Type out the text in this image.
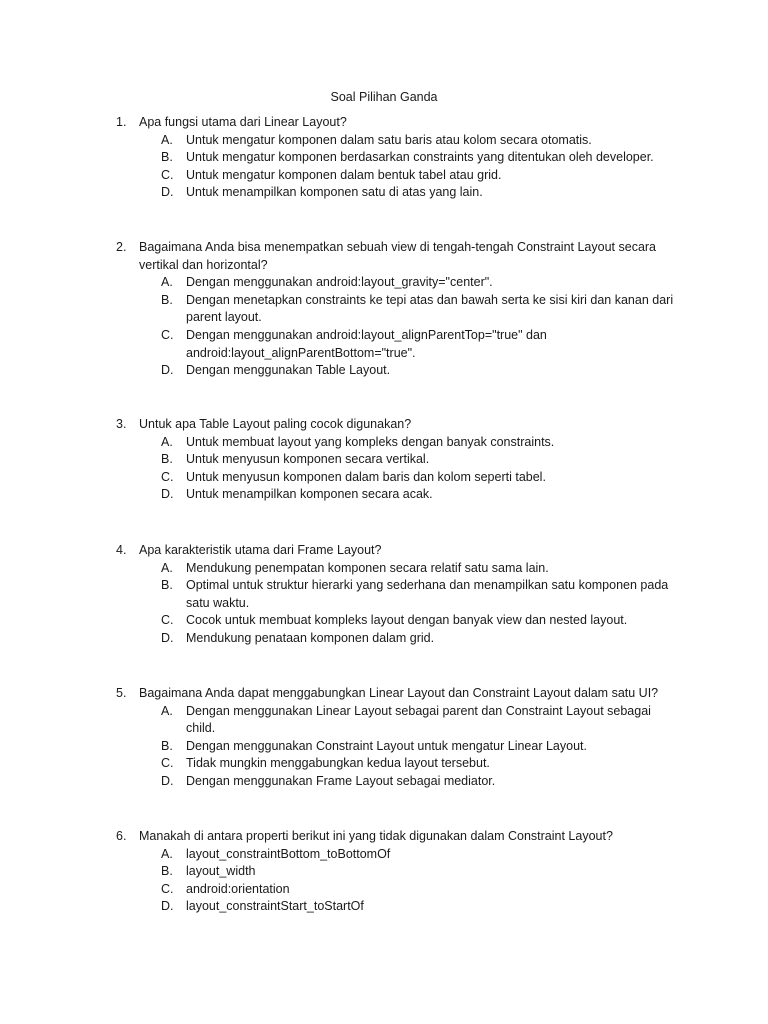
Soal Pilihan Ganda
1. Apa fungsi utama dari Linear Layout?
A. Untuk mengatur komponen dalam satu baris atau kolom secara otomatis.
B. Untuk mengatur komponen berdasarkan constraints yang ditentukan oleh developer.
C. Untuk mengatur komponen dalam bentuk tabel atau grid.
D. Untuk menampilkan komponen satu di atas yang lain.
2. Bagaimana Anda bisa menempatkan sebuah view di tengah-tengah Constraint Layout secara vertikal dan horizontal?
A. Dengan menggunakan android:layout_gravity="center".
B. Dengan menetapkan constraints ke tepi atas dan bawah serta ke sisi kiri dan kanan dari parent layout.
C. Dengan menggunakan android:layout_alignParentTop="true" dan android:layout_alignParentBottom="true".
D. Dengan menggunakan Table Layout.
3. Untuk apa Table Layout paling cocok digunakan?
A. Untuk membuat layout yang kompleks dengan banyak constraints.
B. Untuk menyusun komponen secara vertikal.
C. Untuk menyusun komponen dalam baris dan kolom seperti tabel.
D. Untuk menampilkan komponen secara acak.
4. Apa karakteristik utama dari Frame Layout?
A. Mendukung penempatan komponen secara relatif satu sama lain.
B. Optimal untuk struktur hierarki yang sederhana dan menampilkan satu komponen pada satu waktu.
C. Cocok untuk membuat kompleks layout dengan banyak view dan nested layout.
D. Mendukung penataan komponen dalam grid.
5. Bagaimana Anda dapat menggabungkan Linear Layout dan Constraint Layout dalam satu UI?
A. Dengan menggunakan Linear Layout sebagai parent dan Constraint Layout sebagai child.
B. Dengan menggunakan Constraint Layout untuk mengatur Linear Layout.
C. Tidak mungkin menggabungkan kedua layout tersebut.
D. Dengan menggunakan Frame Layout sebagai mediator.
6. Manakah di antara properti berikut ini yang tidak digunakan dalam Constraint Layout?
A. layout_constraintBottom_toBottomOf
B. layout_width
C. android:orientation
D. layout_constraintStart_toStartOf
